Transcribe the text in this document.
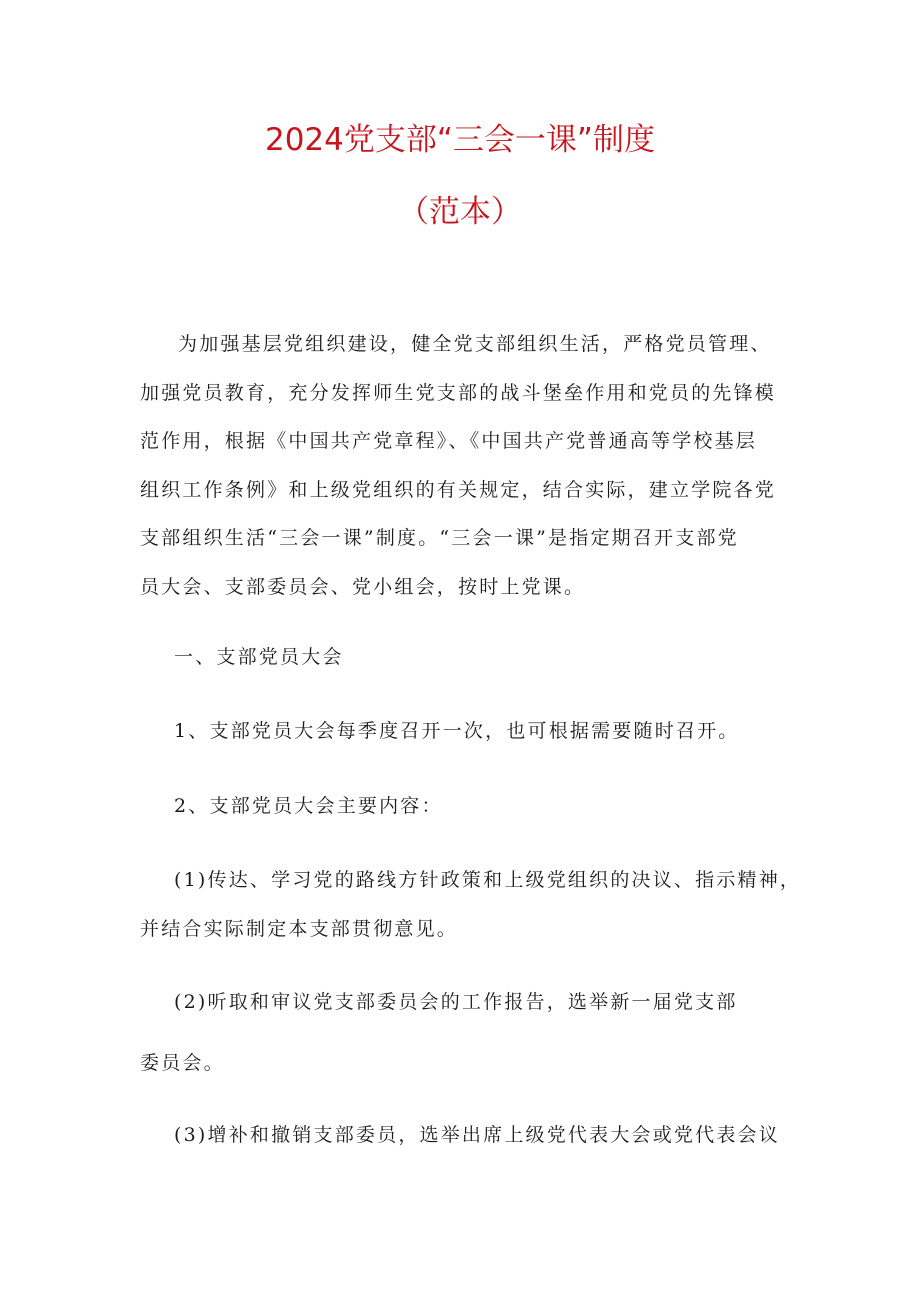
2024党支部“三会一课”制度
（范本）

为加强基层党组织建设，健全党支部组织生活，严格党员管理、
加强党员教育，充分发挥师生党支部的战斗堡垒作用和党员的先锋模
范作用，根据《中国共产党章程》、《中国共产党普通高等学校基层
组织工作条例》和上级党组织的有关规定，结合实际，建立学院各党
支部组织生活“三会一课”制度。“三会一课”是指定期召开支部党
员大会、支部委员会、党小组会，按时上党课。

一、支部党员大会

1、支部党员大会每季度召开一次，也可根据需要随时召开。

2、支部党员大会主要内容：

(1)传达、学习党的路线方针政策和上级党组织的决议、指示精神，
并结合实际制定本支部贯彻意见。

(2)听取和审议党支部委员会的工作报告，选举新一届党支部
委员会。

(3)增补和撤销支部委员，选举出席上级党代表大会或党代表会议
